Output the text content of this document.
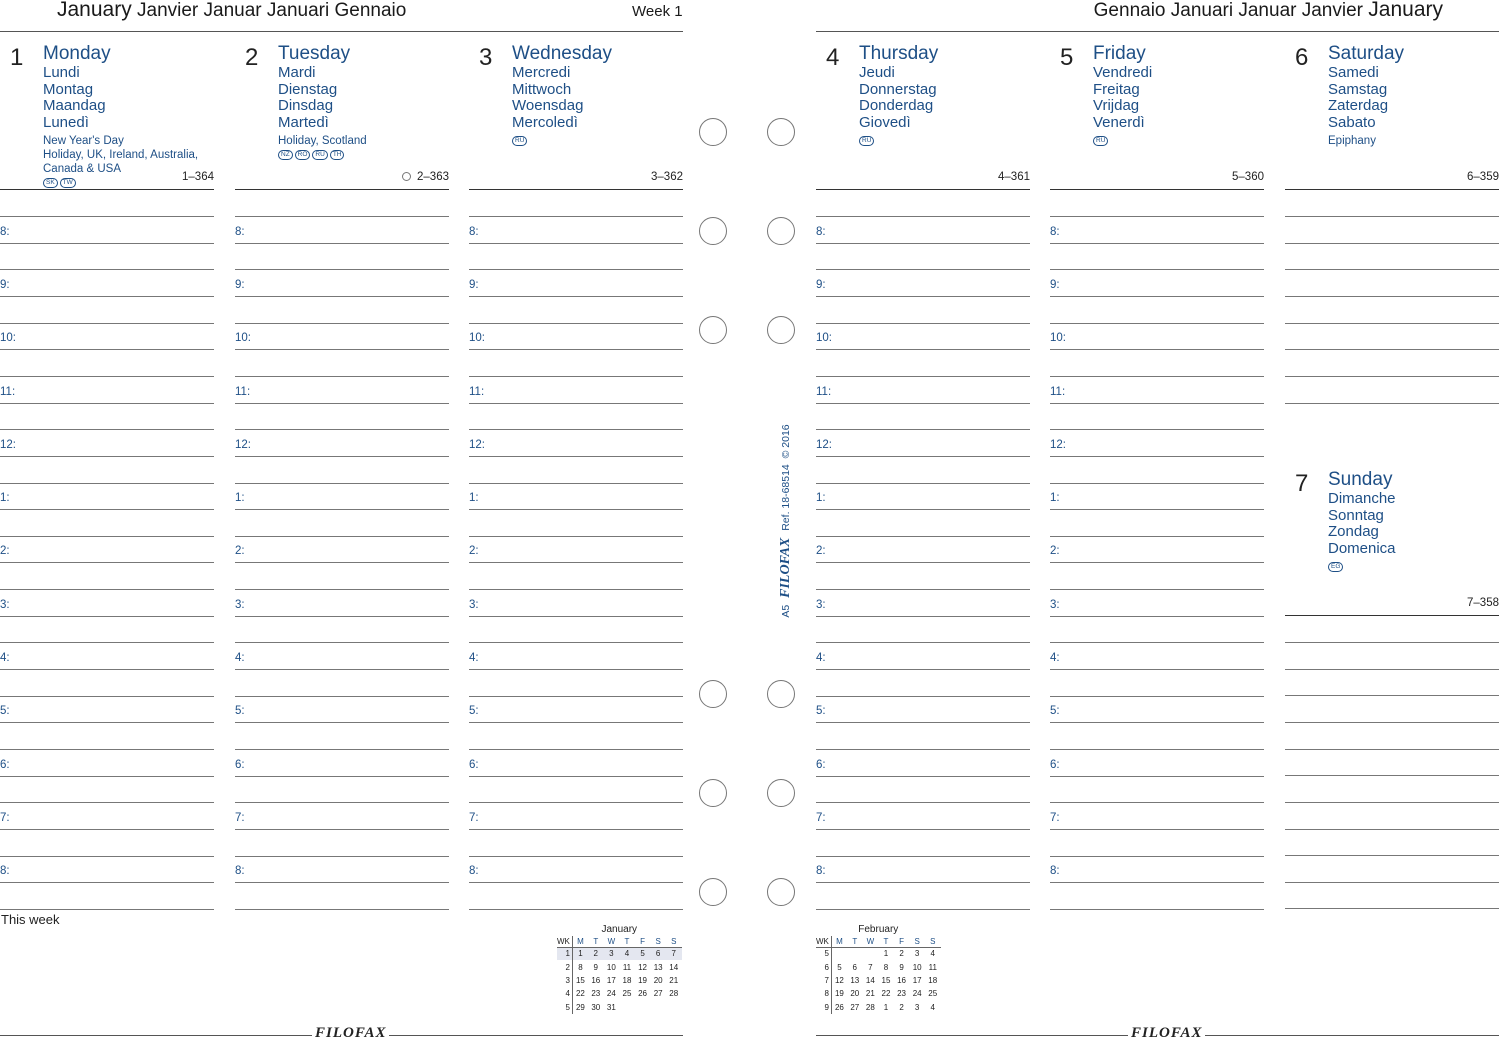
January Janvier Januar Januari Gennaio	Week 1	Gennaio Januari Januar Janvier January
1 Monday
Lundi
Montag
Maandag
Lunedì
New Year's Day
Holiday, UK, Ireland, Australia,
Canada & USA
SK	TW	1–364
2 Tuesday
Mardi
Dienstag
Dinsdag
Martedì
Holiday, Scotland
NZ	RO	RU	TH
2–363
3 Wednesday
Mercredi
Mittwoch
Woensdag
Mercoledì
RU
3–362
4 Thursday
Jeudi
Donnerstag
Donderdag
Giovedì
RU
4–361
5 Friday
Vendredi
Freitag
Vrijdag
Venerdì
RU
5–360
6 Saturday
Samedi
Samstag
Zaterdag
Sabato
Epiphany
6–359
7 Sunday
Dimanche
Sonntag
Zondag
Domenica
EG
7–358
8:
9:
10:
11:
12:
1:
2:
3:
4:
5:
6:
7:
8:
8:
9:
10:
11:
12:
1:
2:
3:
4:
5:
6:
7:
8:
8:
9:
10:
11:
12:
1:
2:
3:
4:
5:
6:
7:
8:
8:
9:
10:
11:
12:
1:
2:
3:
4:
5:
6:
7:
8:
8:
9:
10:
11:
12:
1:
2:
3:
4:
5:
6:
7:
8:
This week
A5 FILOFAX Ref. 18-68514  © 2016
January
WK	M	T	W	T	F	S	S
1	1	2	3	4	5	6	7
2	8	9	10	11	12	13	14
3	15	16	17	18	19	20	21
4	22	23	24	25	26	27	28
5	29	30	31				
February
WK	M	T	W	T	F	S	S
5				1	2	3	4
6	5	6	7	8	9	10	11
7	12	13	14	15	16	17	18
8	19	20	21	22	23	24	25
9	26	27	28	1	2	3	4
FILOFAX	FILOFAX
